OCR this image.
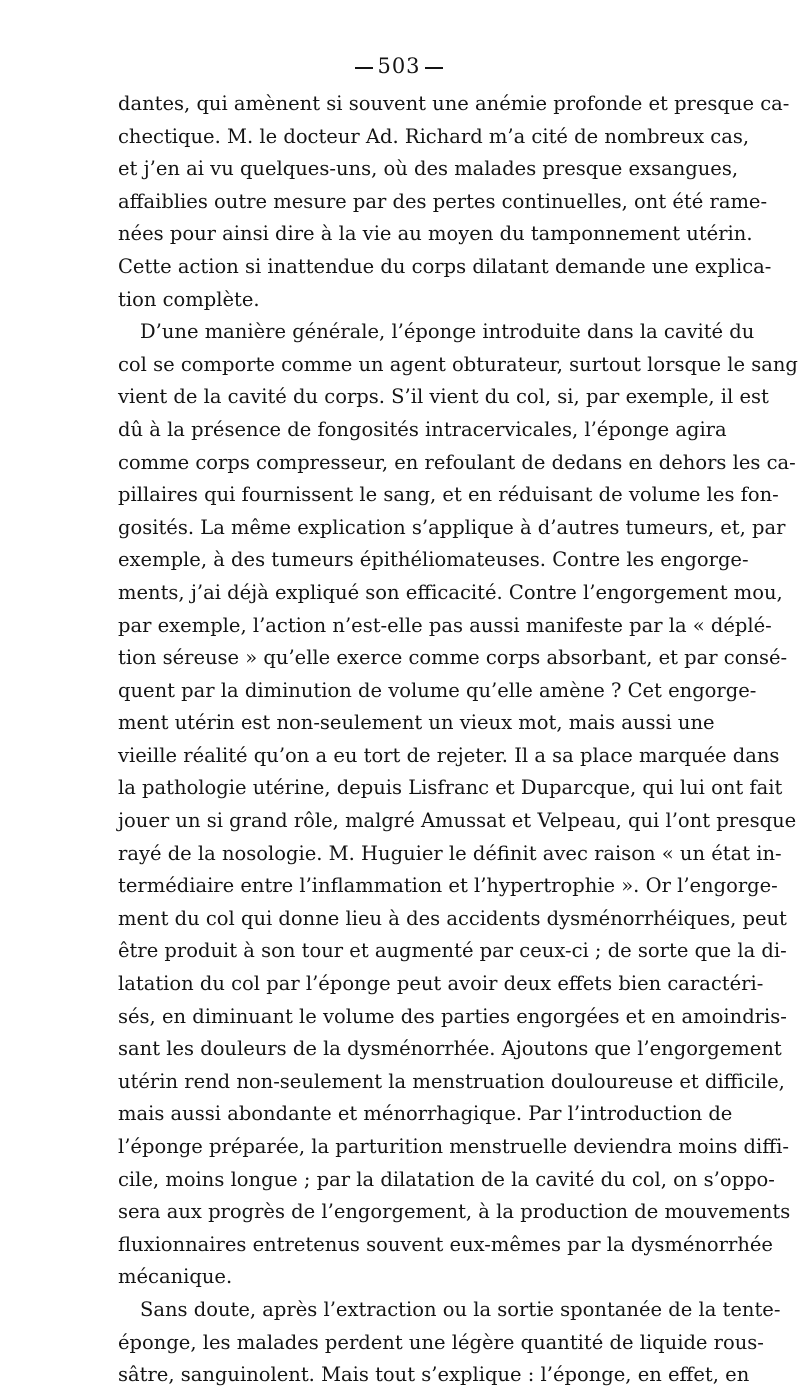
503
dantes, qui amènent si souvent une anémie profonde et presque ca-
chectique. M. le docteur Ad. Richard m’a cité de nombreux cas,
et j’en ai vu quelques-uns, où des malades presque exsangues,
affaiblies outre mesure par des pertes continuelles, ont été rame-
nées pour ainsi dire à la vie au moyen du tamponnement utérin.
Cette action si inattendue du corps dilatant demande une explica-
tion complète.
D’une manière générale, l’éponge introduite dans la cavité du
col se comporte comme un agent obturateur, surtout lorsque le sang
vient de la cavité du corps. S’il vient du col, si, par exemple, il est
dû à la présence de fongosités intracervicales, l’éponge agira
comme corps compresseur, en refoulant de dedans en dehors les ca-
pillaires qui fournissent le sang, et en réduisant de volume les fon-
gosités. La même explication s’applique à d’autres tumeurs, et, par
exemple, à des tumeurs épithéliomateuses. Contre les engorge-
ments, j’ai déjà expliqué son efficacité. Contre l’engorgement mou,
par exemple, l’action n’est-elle pas aussi manifeste par la « déplé-
tion séreuse » qu’elle exerce comme corps absorbant, et par consé-
quent par la diminution de volume qu’elle amène ? Cet engorge-
ment utérin est non-seulement un vieux mot, mais aussi une
vieille réalité qu’on a eu tort de rejeter. Il a sa place marquée dans
la pathologie utérine, depuis Lisfranc et Duparcque, qui lui ont fait
jouer un si grand rôle, malgré Amussat et Velpeau, qui l’ont presque
rayé de la nosologie. M. Huguier le définit avec raison « un état in-
termédiaire entre l’inflammation et l’hypertrophie ». Or l’engorge-
ment du col qui donne lieu à des accidents dysménorrhéiques, peut
être produit à son tour et augmenté par ceux-ci ; de sorte que la di-
latation du col par l’éponge peut avoir deux effets bien caractéri-
sés, en diminuant le volume des parties engorgées et en amoindris-
sant les douleurs de la dysménorrhée. Ajoutons que l’engorgement
utérin rend non-seulement la menstruation douloureuse et difficile,
mais aussi abondante et ménorrhagique. Par l’introduction de
l’éponge préparée, la parturition menstruelle deviendra moins diffi-
cile, moins longue ; par la dilatation de la cavité du col, on s’oppo-
sera aux progrès de l’engorgement, à la production de mouvements
fluxionnaires entretenus souvent eux-mêmes par la dysménorrhée
mécanique.
Sans doute, après l’extraction ou la sortie spontanée de la tente-
éponge, les malades perdent une légère quantité de liquide rous-
sâtre, sanguinolent. Mais tout s’explique : l’éponge, en effet, en
